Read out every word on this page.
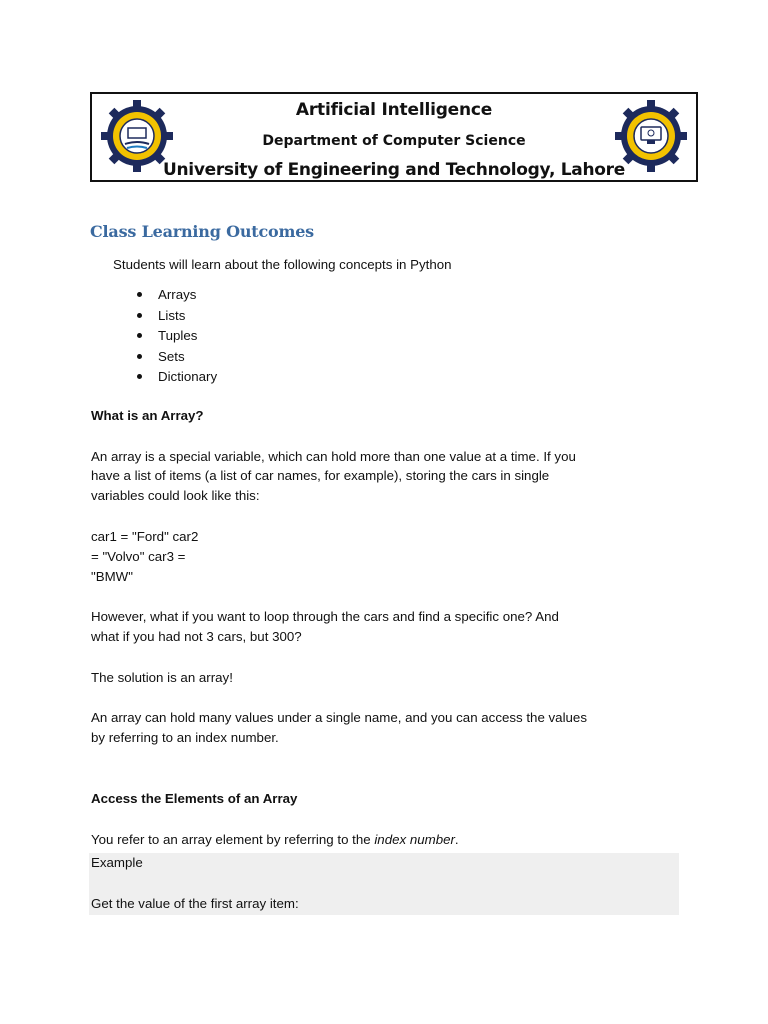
Artificial Intelligence
Department of Computer Science
University of Engineering and Technology, Lahore
Class Learning Outcomes
Students will learn about the following concepts in Python
Arrays
Lists
Tuples
Sets
Dictionary
What is an Array?
An array is a special variable, which can hold more than one value at a time. If you
have a list of items (a list of car names, for example), storing the cars in single
variables could look like this:
car1 = "Ford" car2
= "Volvo" car3 =
"BMW"
However, what if you want to loop through the cars and find a specific one? And
what if you had not 3 cars, but 300?
The solution is an array!
An array can hold many values under a single name, and you can access the values
by referring to an index number.
Access the Elements of an Array
You refer to an array element by referring to the index number.
Example
Get the value of the first array item:
